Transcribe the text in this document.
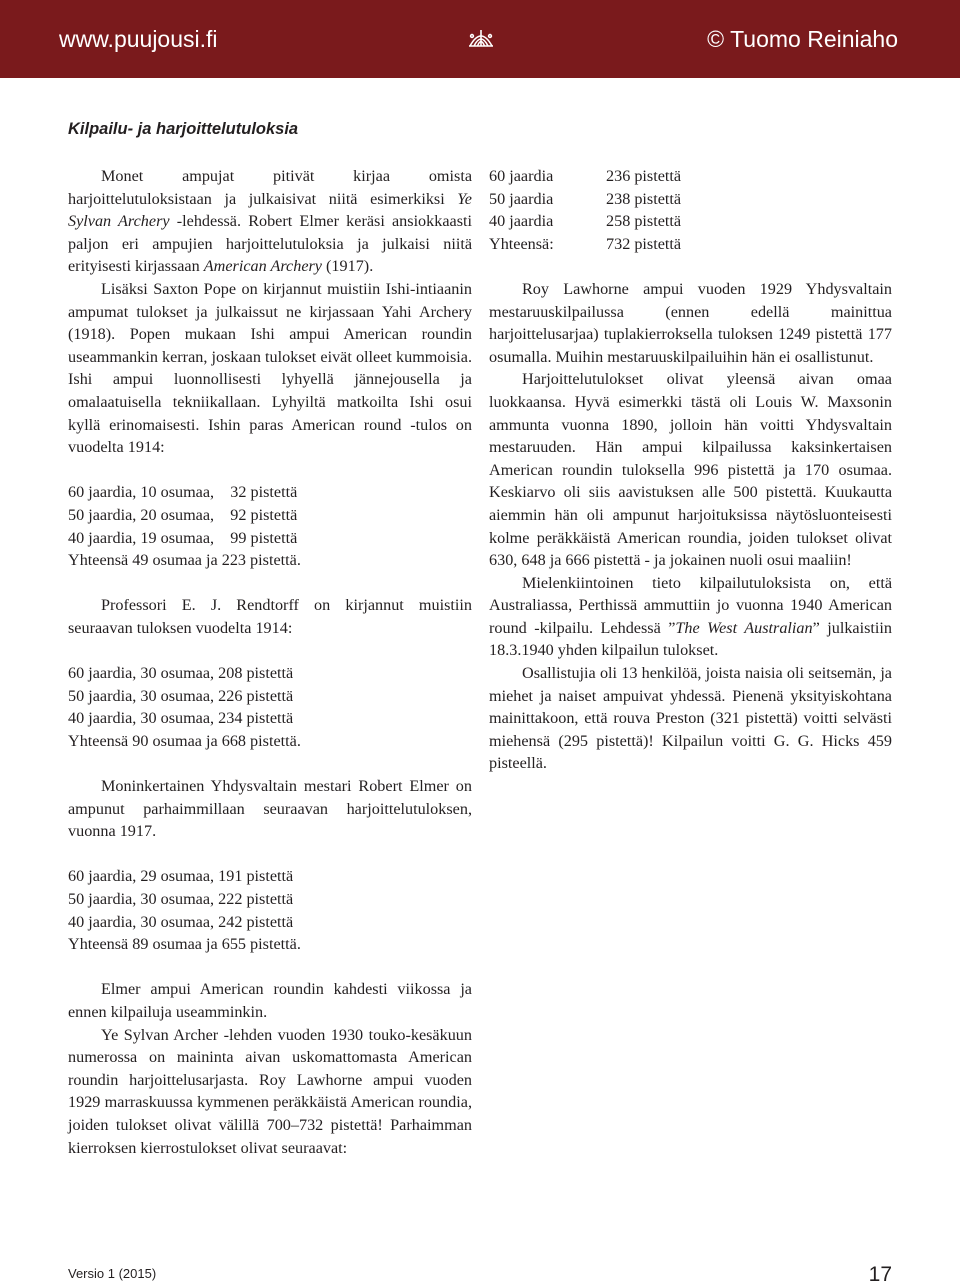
www.puujousi.fi	© Tuomo Reiniaho
Kilpailu- ja harjoittelutuloksia

Monet ampujat pitivät kirjaa omista harjoittelutuloksistaan ja julkaisivat niitä esimerkiksi Ye Sylvan Archery -lehdessä. Robert Elmer keräsi ansiokkaasti paljon eri ampujien harjoittelutuloksia ja julkaisi niitä erityisesti kirjassaan American Archery (1917).

Lisäksi Saxton Pope on kirjannut muistiin Ishi-intiaanin ampumat tulokset ja julkaissut ne kirjassaan Yahi Archery (1918). Popen mukaan Ishi ampui American roundin useammankin kerran, joskaan tulokset eivät olleet kummoisia. Ishi ampui luonnollisesti lyhyellä jännejousella ja omalaatuisella tekniikallaan. Lyhyiltä matkoilta Ishi osui kyllä erinomaisesti. Ishin paras American round -tulos on vuodelta 1914:

60 jaardia, 10 osumaa, 32 pistettä
50 jaardia, 20 osumaa, 92 pistettä
40 jaardia, 19 osumaa, 99 pistettä
Yhteensä 49 osumaa ja 223 pistettä.

Professori E. J. Rendtorff on kirjannut muistiin seuraavan tuloksen vuodelta 1914:

60 jaardia, 30 osumaa, 208 pistettä
50 jaardia, 30 osumaa, 226 pistettä
40 jaardia, 30 osumaa, 234 pistettä
Yhteensä 90 osumaa ja 668 pistettä.

Moninkertainen Yhdysvaltain mestari Robert Elmer on ampunut parhaimmillaan seuraavan harjoittelutuloksen, vuonna 1917.

60 jaardia, 29 osumaa, 191 pistettä
50 jaardia, 30 osumaa, 222 pistettä
40 jaardia, 30 osumaa, 242 pistettä
Yhteensä 89 osumaa ja 655 pistettä.

Elmer ampui American roundin kahdesti viikossa ja ennen kilpailuja useamminkin.

Ye Sylvan Archer -lehden vuoden 1930 touko-kesäkuun numerossa on maininta aivan uskomattomasta American roundin harjoittelusarjasta. Roy Lawhorne ampui vuoden 1929 marraskuussa kymmenen peräkkäistä American roundia, joiden tulokset olivat välillä 700–732 pistettä! Parhaimman kierroksen kierrostulokset olivat seuraavat:

60 jaardia	236 pistettä
50 jaardia	238 pistettä
40 jaardia	258 pistettä
Yhteensä:	732 pistettä

Roy Lawhorne ampui vuoden 1929 Yhdysvaltain mestaruuskilpailussa (ennen edellä mainittua harjoittelusarjaa) tuplakierroksella tuloksen 1249 pistettä 177 osumalla. Muihin mestaruuskilpailuihin hän ei osallistunut.

Harjoittelutulokset olivat yleensä aivan omaa luokkaansa. Hyvä esimerkki tästä oli Louis W. Maxsonin ammunta vuonna 1890, jolloin hän voitti Yhdysvaltain mestaruuden. Hän ampui kilpailussa kaksinkertaisen American roundin tuloksella 996 pistettä ja 170 osumaa. Keskiarvo oli siis aavistuksen alle 500 pistettä. Kuukautta aiemmin hän oli ampunut harjoituksissa näytösluonteisesti kolme peräkkäistä American roundia, joiden tulokset olivat 630, 648 ja 666 pistettä - ja jokainen nuoli osui maaliin!

Mielenkiintoinen tieto kilpailutuloksista on, että Australiassa, Perthissä ammuttiin jo vuonna 1940 American round -kilpailu. Lehdessä ”The West Australian” julkaistiin 18.3.1940 yhden kilpailun tulokset.

Osallistujia oli 13 henkilöä, joista naisia oli seitsemän, ja miehet ja naiset ampuivat yhdessä. Pienenä yksityiskohtana mainittakoon, että rouva Preston (321 pistettä) voitti selvästi miehensä (295 pistettä)! Kilpailun voitti G. G. Hicks 459 pisteellä.

Versio 1 (2015)	17
